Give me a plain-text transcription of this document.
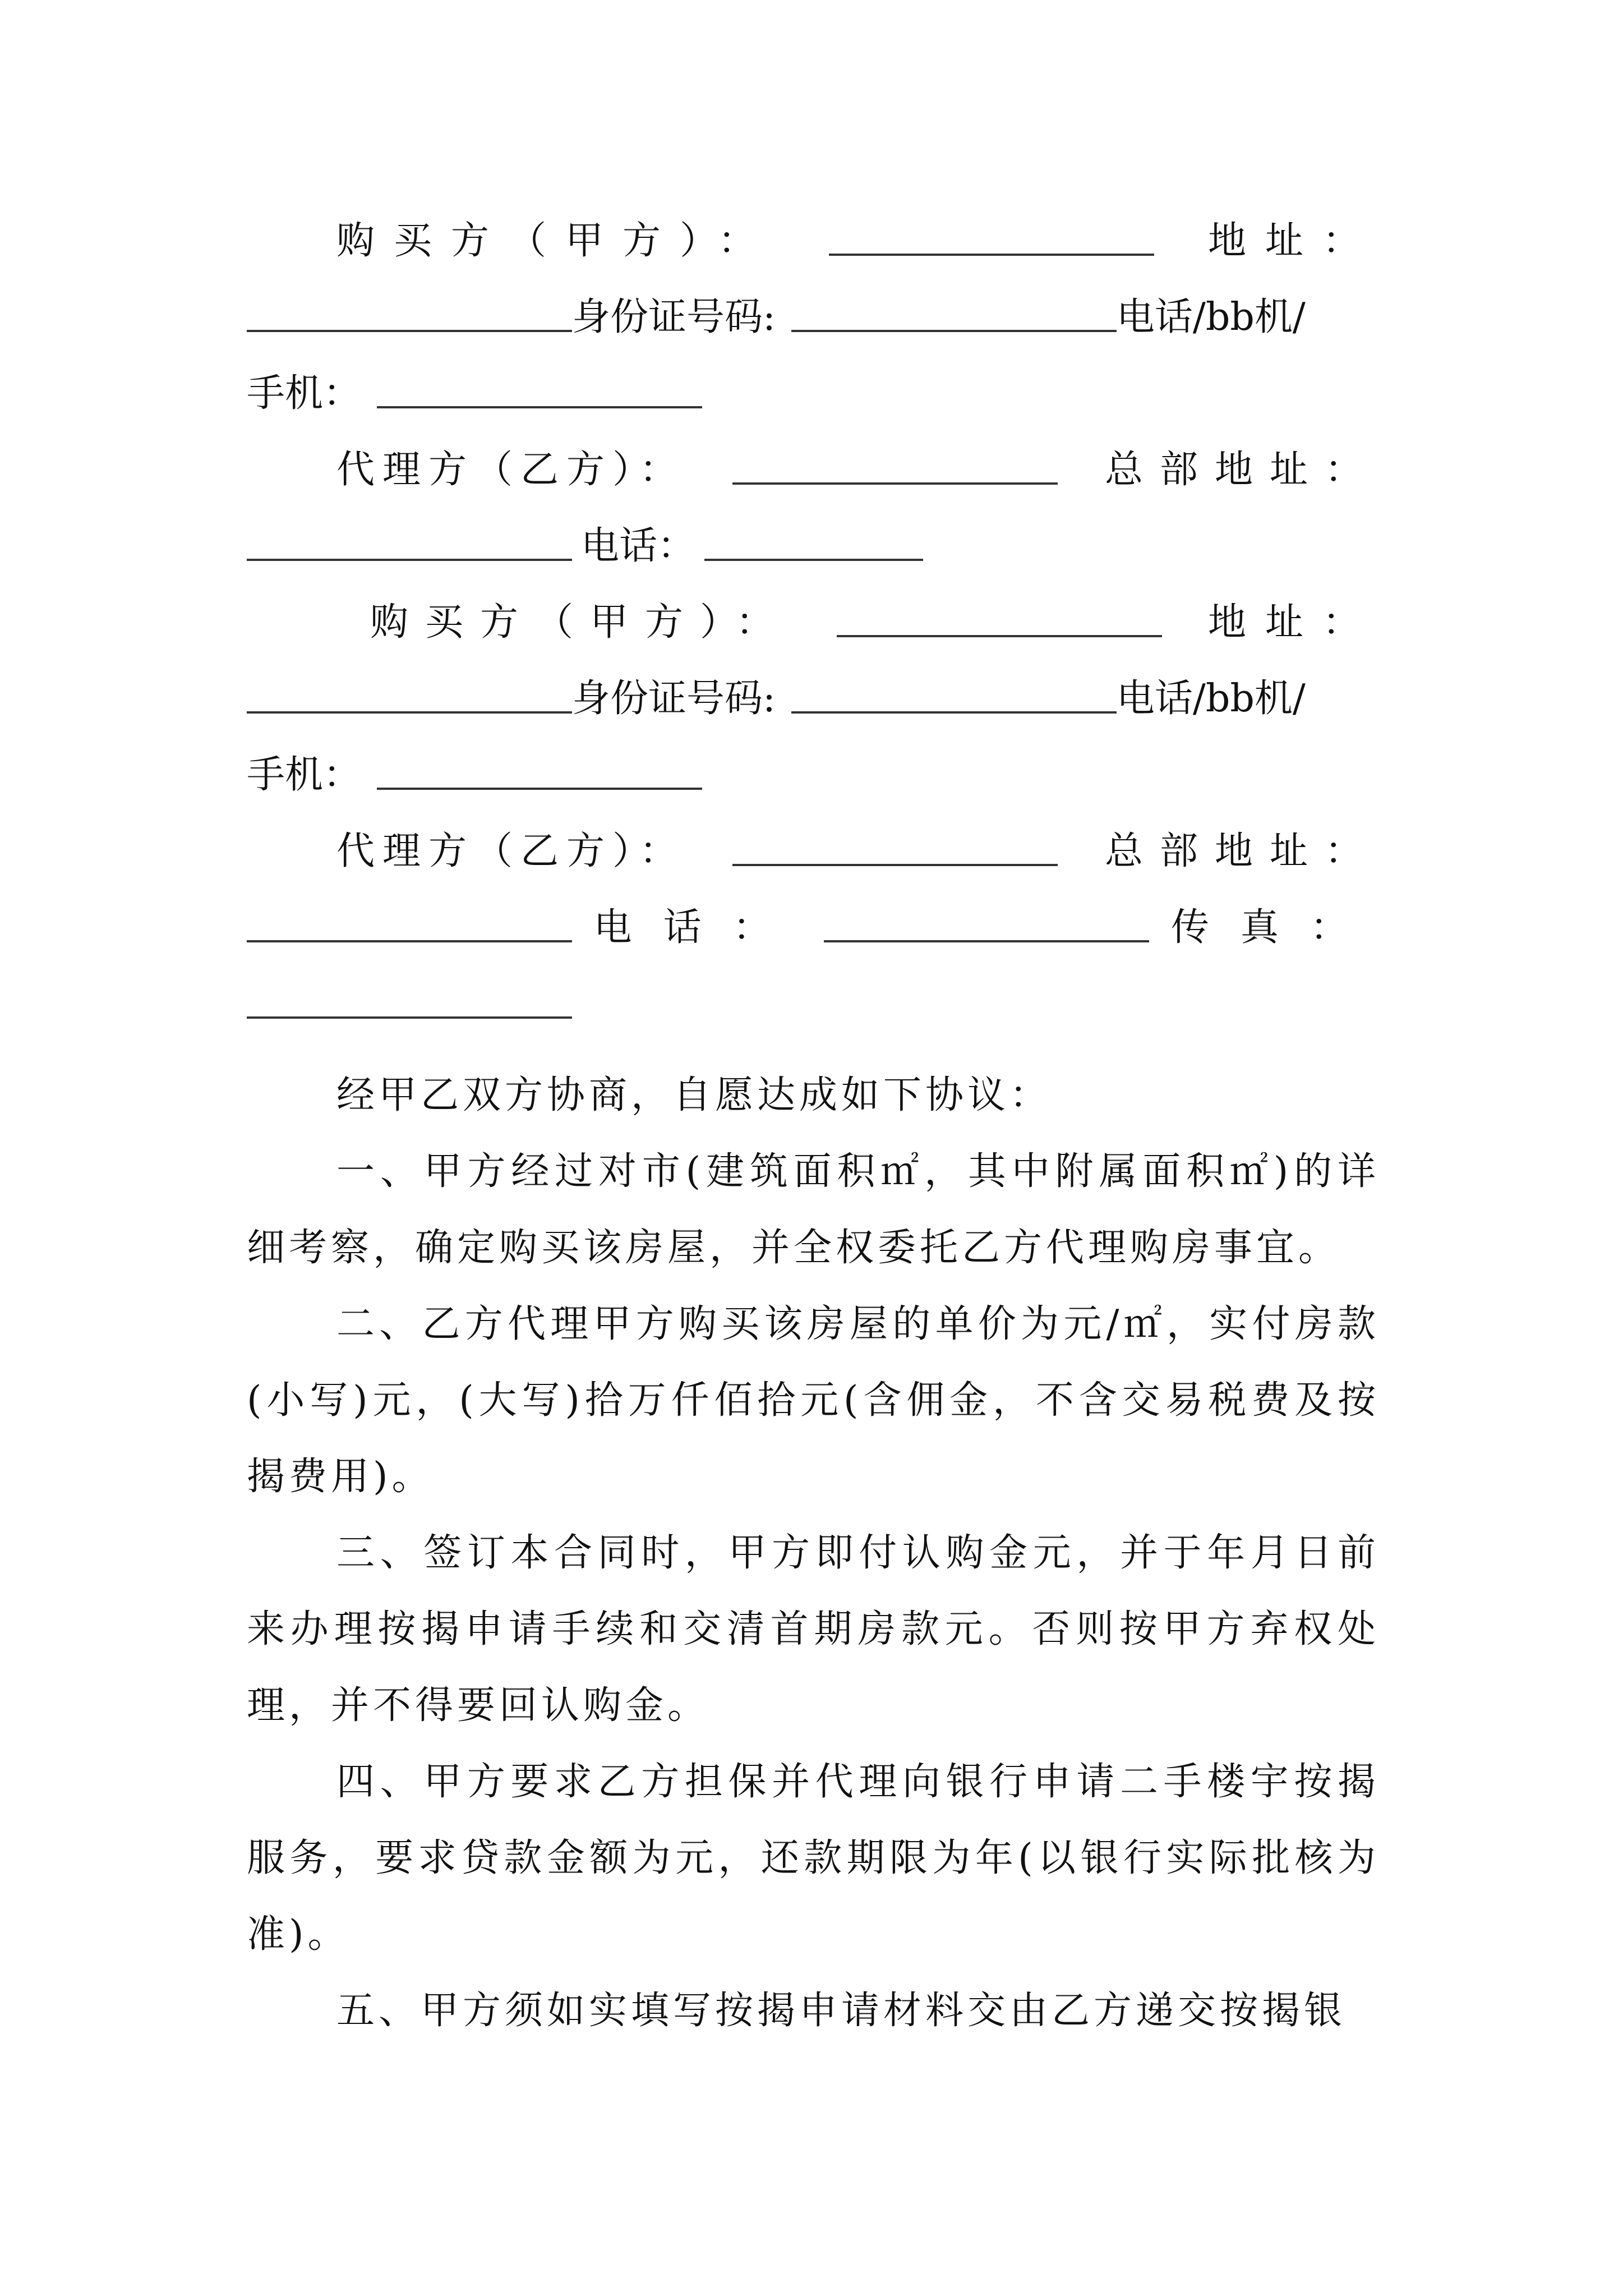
购买方（甲方）：	地址：
身份证号码:	电话/bb机/
手机：
代理方（乙方）：	总部地址：
电话：
购买方（甲方）：	地址：
身份证号码:	电话/bb机/
手机：
代理方（乙方）：	总部地址：
电话：	传真：

经甲乙双方协商，自愿达成如下协议：

一、甲方经过对市(建筑面积㎡，其中附属面积㎡)的详细考察，确定购买该房屋，并全权委托乙方代理购房事宜。

二、乙方代理甲方购买该房屋的单价为元/㎡，实付房款(小写)元，(大写)拾万仟佰拾元(含佣金，不含交易税费及按揭费用)。

三、签订本合同时，甲方即付认购金元，并于年月日前来办理按揭申请手续和交清首期房款元。否则按甲方弃权处理，并不得要回认购金。

四、甲方要求乙方担保并代理向银行申请二手楼宇按揭服务，要求贷款金额为元，还款期限为年(以银行实际批核为准)。

五、甲方须如实填写按揭申请材料交由乙方递交按揭银
